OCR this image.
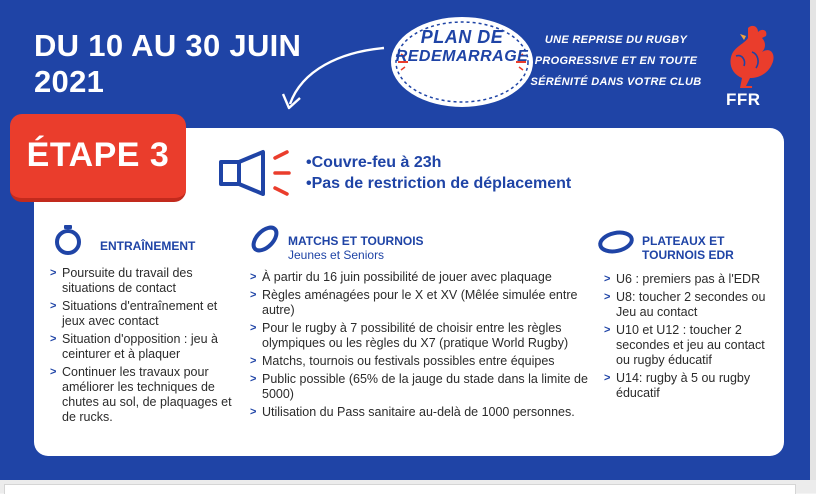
DU 10 AU 30 JUIN
2021
PLAN DE
REDEMARRAGE
UNE REPRISE DU RUGBY
PROGRESSIVE ET EN TOUTE
SÉRÉNITÉ DANS VOTRE CLUB
FFR
ÉTAPE 3
•	Couvre-feu à 23h
• Pas de restriction de déplacement
ENTRAÎNEMENT
> Poursuite du travail des situations de contact
> Situations d'entraînement et jeux avec contact
> Situation d'opposition : jeu à ceinturer et à plaquer
> Continuer les travaux pour améliorer les techniques de chutes au sol, de plaquages et de rucks.
MATCHS ET TOURNOIS
Jeunes et Seniors
> À partir du 16 juin possibilité de jouer avec plaquage
> Règles aménagées pour le X et XV (Mêlée simulée entre autre)
> Pour le rugby à 7 possibilité de choisir entre les règles olympiques ou les règles du X7 (pratique World Rugby)
> Matchs, tournois ou festivals possibles entre équipes
> Public possible (65% de la jauge du stade dans la limite de 5000)
> Utilisation du Pass sanitaire au-delà de 1000 personnes.
PLATEAUX ET
TOURNOIS EDR
> U6 : premiers pas à l'EDR
> U8: toucher 2 secondes ou Jeu au contact
> U10 et U12 : toucher 2 secondes et jeu au contact ou rugby éducatif
> U14: rugby à 5 ou rugby éducatif
